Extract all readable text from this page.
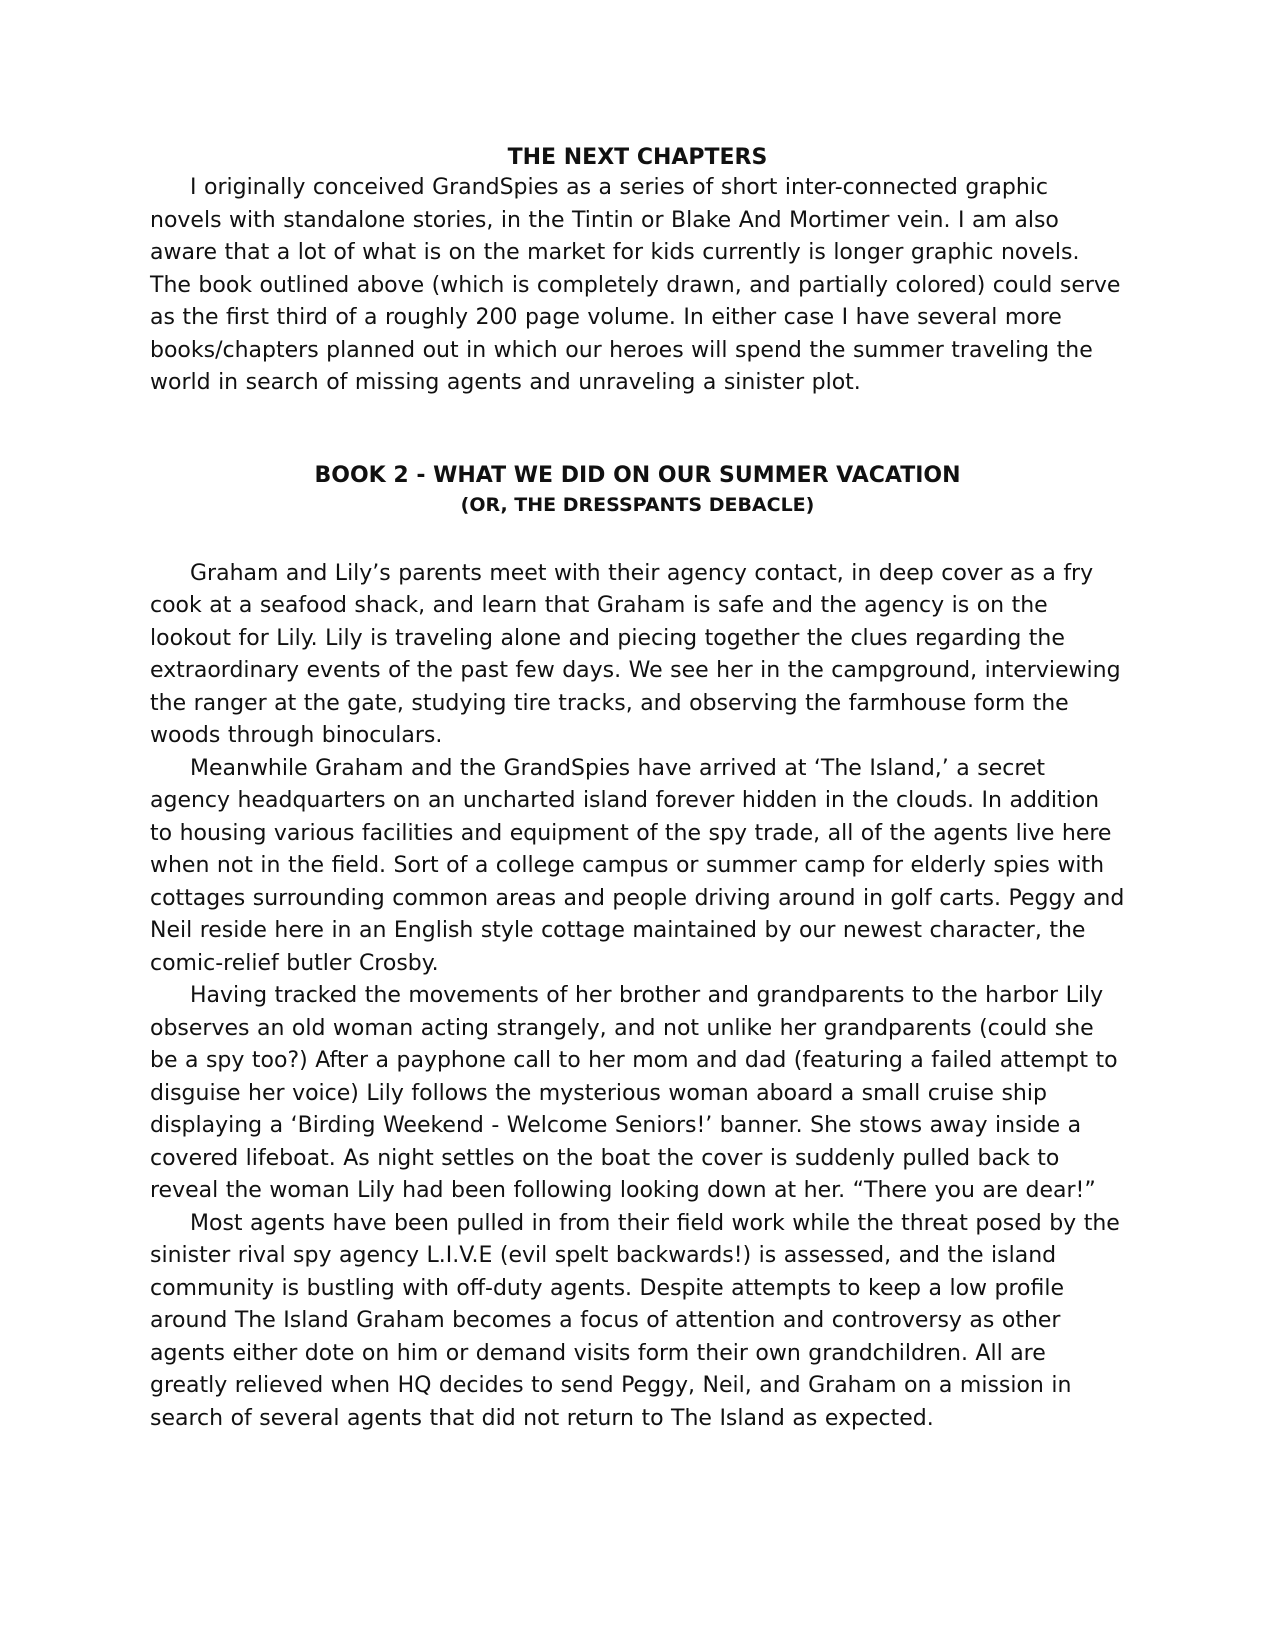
THE NEXT CHAPTERS

I originally conceived GrandSpies as a series of short inter-connected graphic novels with standalone stories, in the Tintin or Blake And Mortimer vein. I am also aware that a lot of what is on the market for kids currently is longer graphic novels. The book outlined above (which is completely drawn, and partially colored) could serve as the first third of a roughly 200 page volume. In either case I have several more books/chapters planned out in which our heroes will spend the summer traveling the world in search of missing agents and unraveling a sinister plot.

BOOK 2 - WHAT WE DID ON OUR SUMMER VACATION
(OR, THE DRESSPANTS DEBACLE)

Graham and Lily’s parents meet with their agency contact, in deep cover as a fry cook at a seafood shack, and learn that Graham is safe and the agency is on the lookout for Lily. Lily is traveling alone and piecing together the clues regarding the extraordinary events of the past few days. We see her in the campground, interviewing the ranger at the gate, studying tire tracks, and observing the farmhouse form the woods through binoculars.

Meanwhile Graham and the GrandSpies have arrived at ‘The Island,’ a secret agency headquarters on an uncharted island forever hidden in the clouds. In addition to housing various facilities and equipment of the spy trade, all of the agents live here when not in the field. Sort of a college campus or summer camp for elderly spies with cottages surrounding common areas and people driving around in golf carts. Peggy and Neil reside here in an English style cottage maintained by our newest character, the comic-relief butler Crosby.

Having tracked the movements of her brother and grandparents to the harbor Lily observes an old woman acting strangely, and not unlike her grandparents (could she be a spy too?) After a payphone call to her mom and dad (featuring a failed attempt to disguise her voice) Lily follows the mysterious woman aboard a small cruise ship displaying a ‘Birding Weekend - Welcome Seniors!’ banner. She stows away inside a covered lifeboat. As night settles on the boat the cover is suddenly pulled back to reveal the woman Lily had been following looking down at her. “There you are dear!”

Most agents have been pulled in from their field work while the threat posed by the sinister rival spy agency L.I.V.E (evil spelt backwards!) is assessed, and the island community is bustling with off-duty agents. Despite attempts to keep a low profile around The Island Graham becomes a focus of attention and controversy as other agents either dote on him or demand visits form their own grandchildren. All are greatly relieved when HQ decides to send Peggy, Neil, and Graham on a mission in search of several agents that did not return to The Island as expected.
